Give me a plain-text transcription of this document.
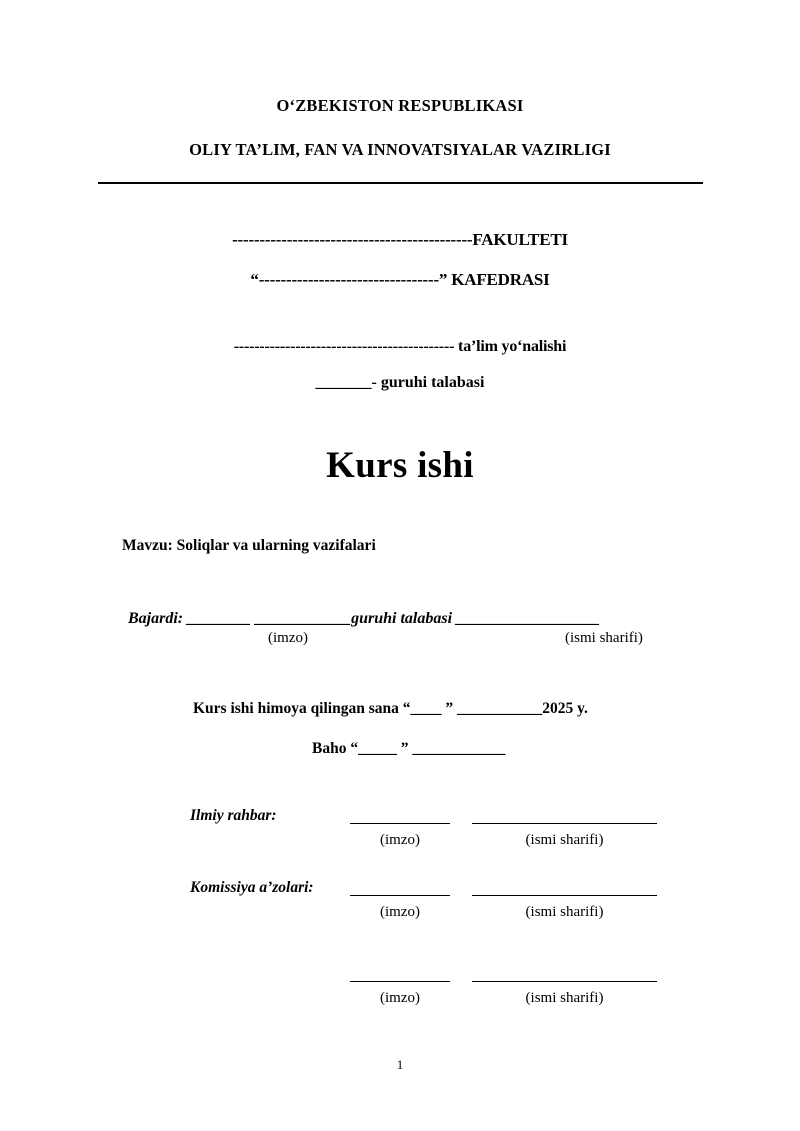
O‘ZBEKISTON RESPUBLIKASI
OLIY TA’LIM, FAN VA INNOVATSIYALAR VAZIRLIGI
--------------------------------------------FAKULTETI
“---------------------------------” KAFEDRASI
------------------------------------------- ta’lim yo‘nalishi
_______- guruhi talabasi
Kurs ishi
Mavzu: Soliqlar va ularning vazifalari
Bajardi: ________ ____________guruhi talabasi __________________
(imzo)	(ismi sharifi)
Kurs ishi himoya qilingan sana “____ ” ___________2025 y.
Baho “_____ ” ____________
Ilmiy rahbar:
(imzo)	(ismi sharifi)
Komissiya a’zolari:
(imzo)	(ismi sharifi)
(imzo)	(ismi sharifi)
1
